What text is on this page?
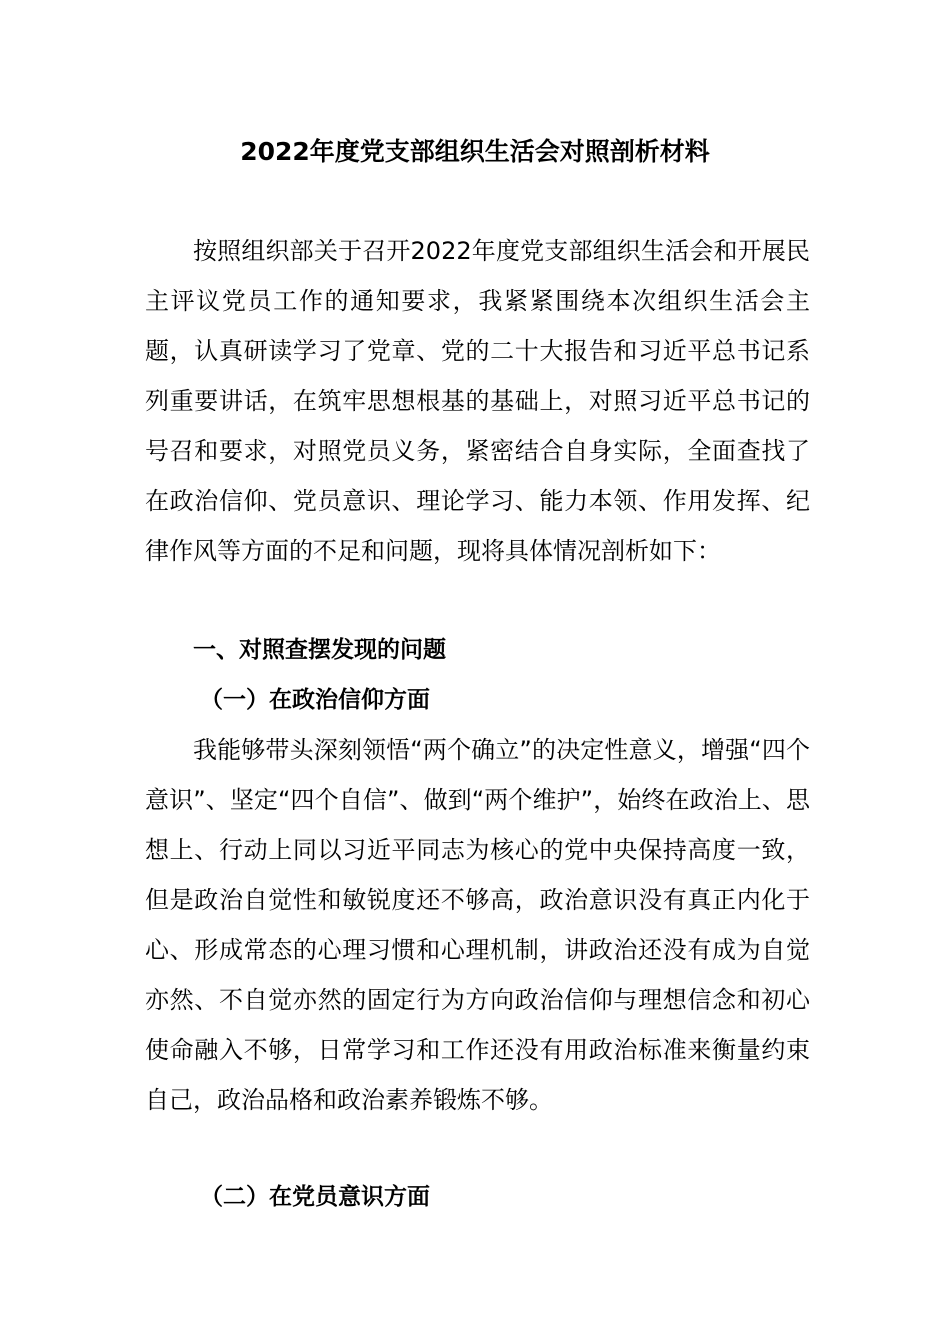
2022年度党支部组织生活会对照剖析材料

按照组织部关于召开2022年度党支部组织生活会和开展民主评议党员工作的通知要求，我紧紧围绕本次组织生活会主题，认真研读学习了党章、党的二十大报告和习近平总书记系列重要讲话，在筑牢思想根基的基础上，对照习近平总书记的号召和要求，对照党员义务，紧密结合自身实际，全面查找了在政治信仰、党员意识、理论学习、能力本领、作用发挥、纪律作风等方面的不足和问题，现将具体情况剖析如下：

一、对照查摆发现的问题
（一）在政治信仰方面

我能够带头深刻领悟“两个确立”的决定性意义，增强“四个意识”、坚定“四个自信”、做到“两个维护”，始终在政治上、思想上、行动上同以习近平同志为核心的党中央保持高度一致，但是政治自觉性和敏锐度还不够高，政治意识没有真正内化于心、形成常态的心理习惯和心理机制，讲政治还没有成为自觉亦然、不自觉亦然的固定行为方向政治信仰与理想信念和初心使命融入不够，日常学习和工作还没有用政治标准来衡量约束自己，政治品格和政治素养锻炼不够。

（二）在党员意识方面
